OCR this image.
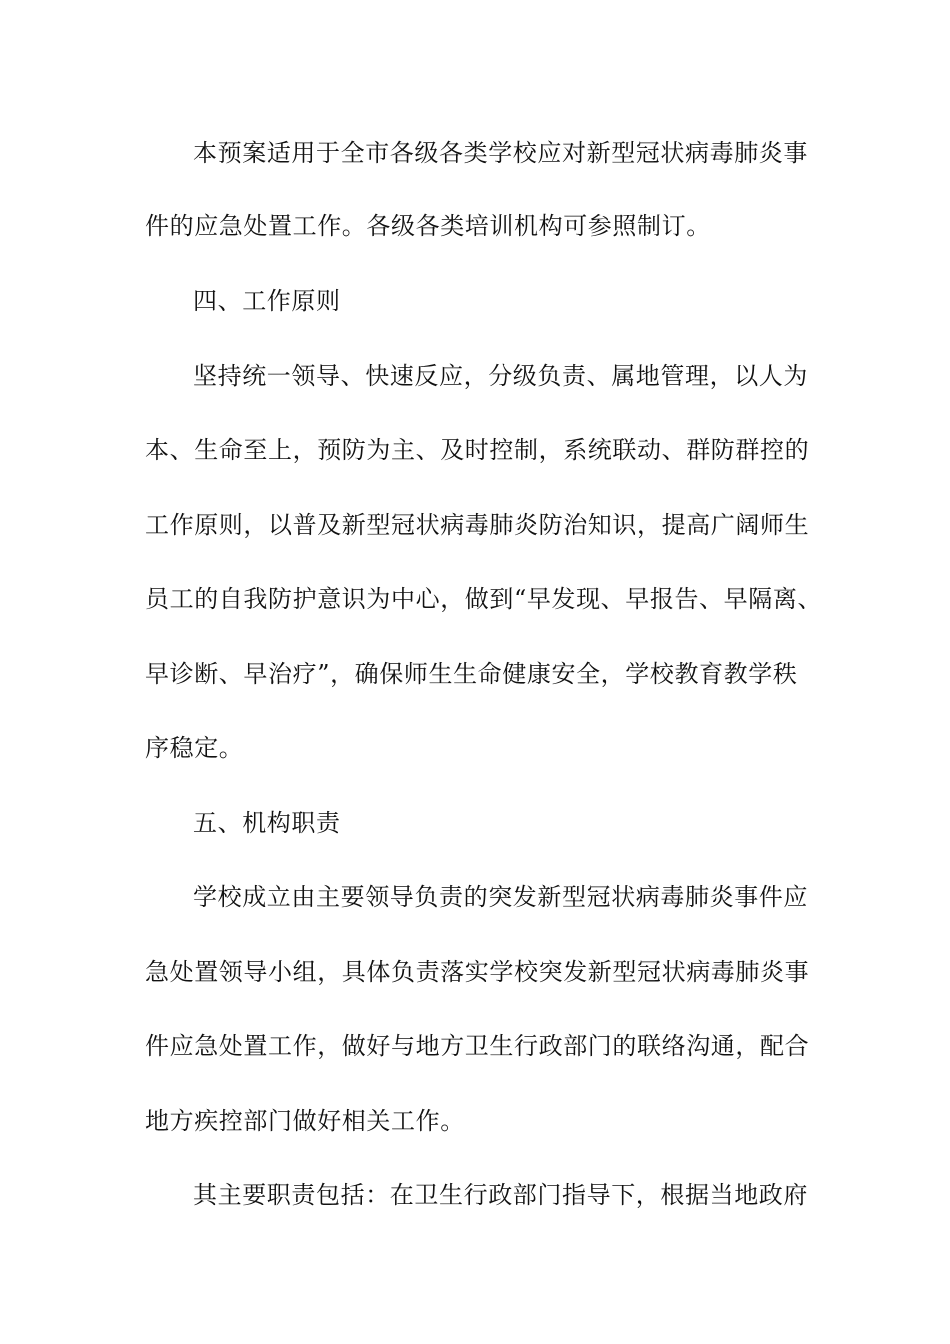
本预案适用于全市各级各类学校应对新型冠状病毒肺炎事
件的应急处置工作。各级各类培训机构可参照制订。
四、工作原则
坚持统一领导、快速反应，分级负责、属地管理，以人为
本、生命至上，预防为主、及时控制，系统联动、群防群控的
工作原则，以普及新型冠状病毒肺炎防治知识，提高广阔师生
员工的自我防护意识为中心，做到“早发现、早报告、早隔离、
早诊断、早治疗”，确保师生生命健康安全，学校教育教学秩
序稳定。
五、机构职责
学校成立由主要领导负责的突发新型冠状病毒肺炎事件应
急处置领导小组，具体负责落实学校突发新型冠状病毒肺炎事
件应急处置工作，做好与地方卫生行政部门的联络沟通，配合
地方疾控部门做好相关工作。
其主要职责包括：在卫生行政部门指导下，根据当地政府
